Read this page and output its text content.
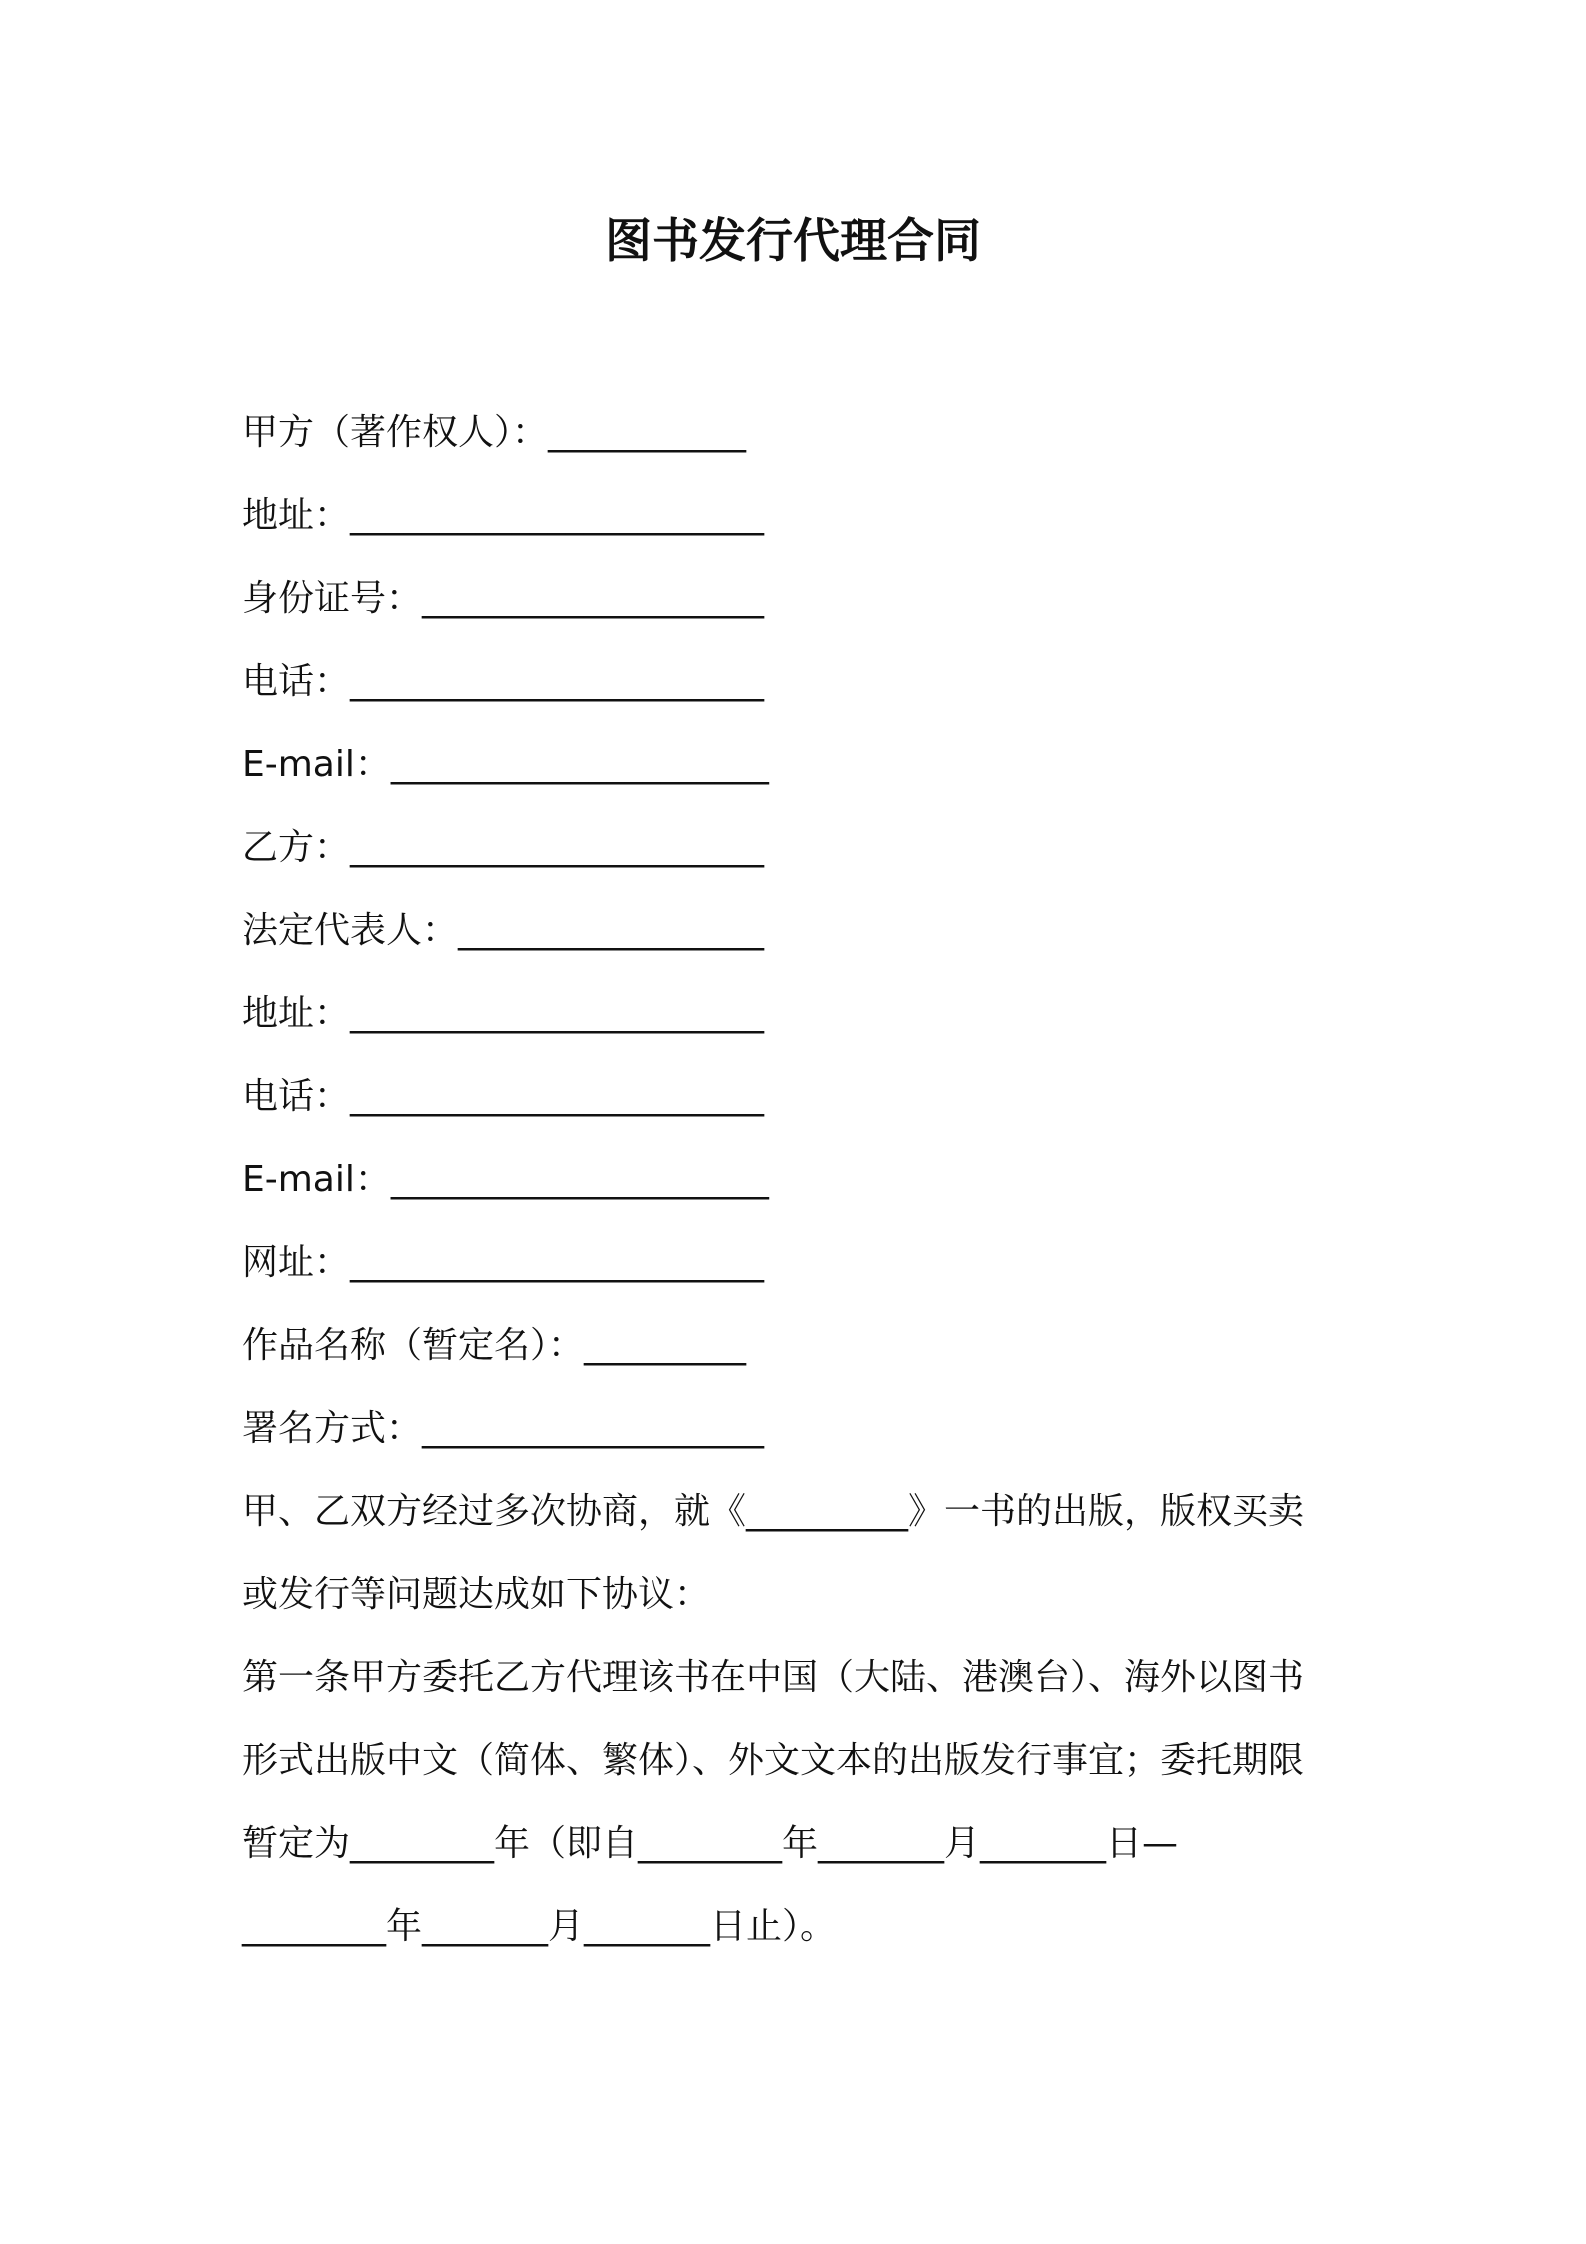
图书发行代理合同
甲方（著作权人）：___________
地址：_______________________
身份证号：___________________
电话：_______________________
E-mail：_____________________
乙方：_______________________
法定代表人：_________________
地址：_______________________
电话：_______________________
E-mail：_____________________
网址：_______________________
作品名称（暂定名）：_________
署名方式：___________________
甲、乙双方经过多次协商，就《_________》一书的出版，版权买卖
或发行等问题达成如下协议：
第一条甲方委托乙方代理该书在中国（大陆、港澳台）、海外以图书
形式出版中文（简体、繁体）、外文文本的出版发行事宜；委托期限
暂定为________年（即自________年_______月_______日—
________年_______月_______日止）。
